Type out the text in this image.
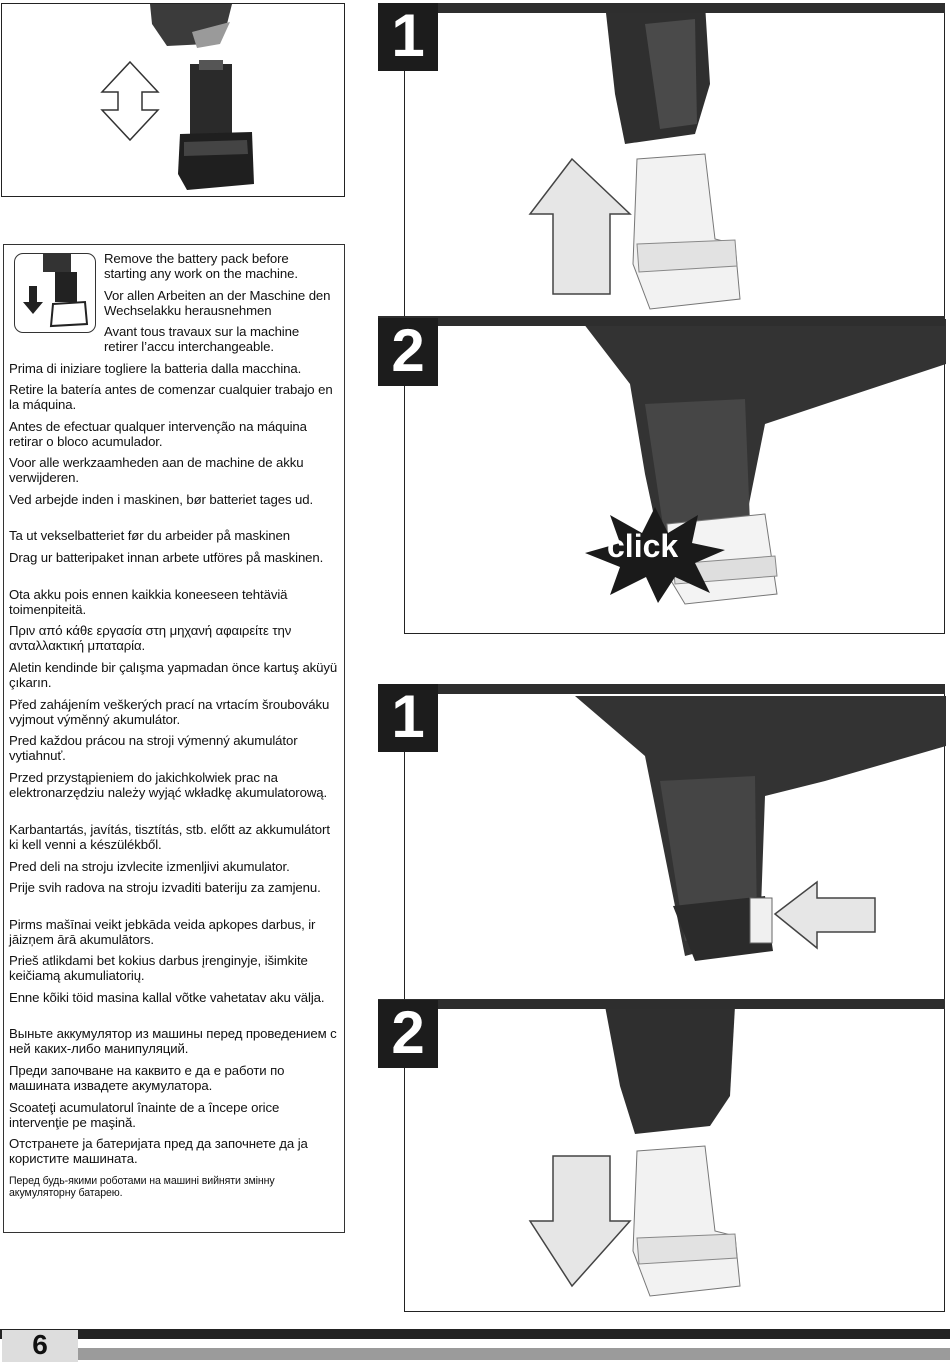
1
2
click
1
2
Remove the battery pack before starting any work on the machine.
Vor allen Arbeiten an der Maschine den Wechselakku herausnehmen
Avant tous travaux sur la machine retirer l’accu interchangeable.
Prima di iniziare togliere la batteria dalla macchina.
Retire la batería antes de comenzar cualquier trabajo en la máquina.
Antes de efectuar qualquer intervenção na máquina retirar o bloco acumulador.
Voor alle werkzaamheden aan de machine de akku verwijderen.
Ved arbejde inden i maskinen, bør batteriet tages ud.
Ta ut vekselbatteriet før du arbeider på maskinen
Drag ur batteripaket innan arbete utföres på maskinen.
Ota akku pois ennen kaikkia koneeseen tehtäviä toimenpiteitä.
Πριν από κάθε εργασία στη μηχανή αφαιρείτε την ανταλλακτική μπαταρία.
Aletin kendinde bir çalışma yapmadan önce kartuş aküyü çıkarın.
Před zahájením veškerých prací na vrtacím šroubováku vyjmout výměnný akumulátor.
Pred každou prácou na stroji výmenný akumulátor vytiahnuť.
Przed przystąpieniem do jakichkolwiek prac na elektronarzędziu należy wyjąć wkładkę akumulatorową.
Karbantartás, javítás, tisztítás, stb. előtt az akkumulátort ki kell venni a készülékből.
Pred deli na stroju izvlecite izmenljivi akumulator.
Prije svih radova na stroju izvaditi bateriju za zamjenu.
Pirms mašīnai veikt jebkāda veida apkopes darbus, ir jāizņem ārā akumulātors.
Prieš atlikdami bet kokius darbus įrenginyje, išimkite keičiamą akumuliatorių.
Enne kõiki töid masina kallal võtke vahetatav aku välja.
Выньте аккумулятор из машины перед проведением с ней каких-либо манипуляций.
Преди започване на каквито е да е работи по машината извадете акумулатора.
Scoateţi acumulatorul înainte de a începe orice intervenţie pe maşină.
Отстранете ја батеријата пред да започнете да ја користите машината.
Перед будь-якими роботами на машині вийняти змінну акумуляторну батарею.
6
